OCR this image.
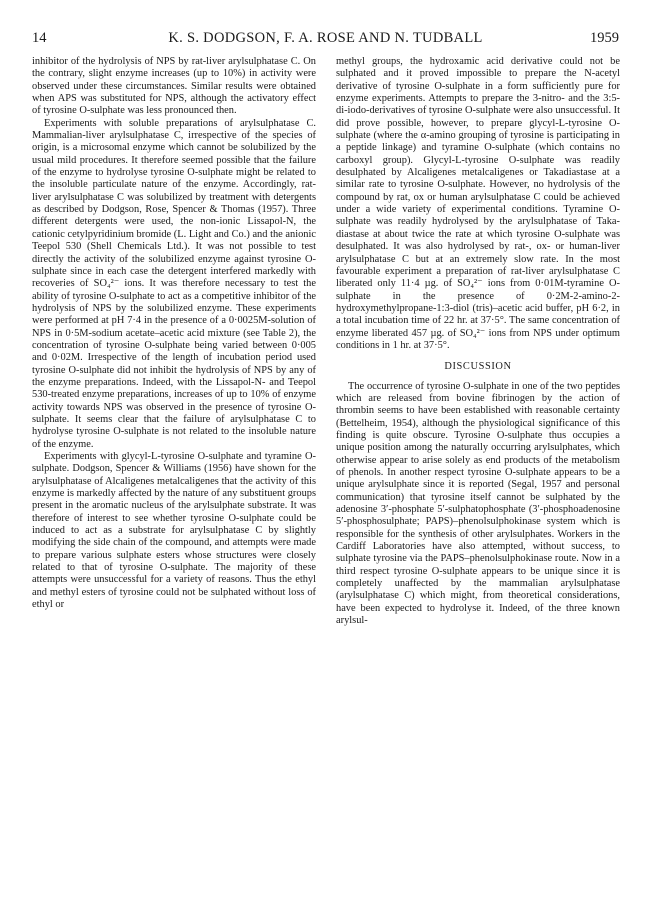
14	K. S. DODGSON, F. A. ROSE AND N. TUDBALL	1959

inhibitor of the hydrolysis of NPS by rat-liver arylsulphatase C. On the contrary, slight enzyme increases (up to 10%) in activity were observed under these circumstances. Similar results were obtained when APS was substituted for NPS, although the activatory effect of tyrosine O-sulphate was less pronounced then.

Experiments with soluble preparations of arylsulphatase C. Mammalian-liver arylsulphatase C, irrespective of the species of origin, is a microsomal enzyme which cannot be solubilized by the usual mild procedures. It therefore seemed possible that the failure of the enzyme to hydrolyse tyrosine O-sulphate might be related to the insoluble particulate nature of the enzyme. Accordingly, rat-liver arylsulphatase C was solubilized by treatment with detergents as described by Dodgson, Rose, Spencer & Thomas (1957). Three different detergents were used, the non-ionic Lissapol-N, the cationic cetylpyridinium bromide (L. Light and Co.) and the anionic Teepol 530 (Shell Chemicals Ltd.). It was not possible to test directly the activity of the solubilized enzyme against tyrosine O-sulphate since in each case the detergent interfered markedly with recoveries of SO₄²⁻ ions. It was therefore necessary to test the ability of tyrosine O-sulphate to act as a competitive inhibitor of the hydrolysis of NPS by the solubilized enzyme. These experiments were performed at pH 7·4 in the presence of a 0·0025M-solution of NPS in 0·5M-sodium acetate–acetic acid mixture (see Table 2), the concentration of tyrosine O-sulphate being varied between 0·005 and 0·02M. Irrespective of the length of incubation period used tyrosine O-sulphate did not inhibit the hydrolysis of NPS by any of the enzyme preparations. Indeed, with the Lissapol-N- and Teepol 530-treated enzyme preparations, increases of up to 10% of enzyme activity towards NPS was observed in the presence of tyrosine O-sulphate. It seems clear that the failure of arylsulphatase C to hydrolyse tyrosine O-sulphate is not related to the insoluble nature of the enzyme.

Experiments with glycyl-L-tyrosine O-sulphate and tyramine O-sulphate. Dodgson, Spencer & Williams (1956) have shown for the arylsulphatase of Alcaligenes metalcaligenes that the activity of this enzyme is markedly affected by the nature of any substituent groups present in the aromatic nucleus of the arylsulphate substrate. It was therefore of interest to see whether tyrosine O-sulphate could be induced to act as a substrate for arylsulphatase C by slightly modifying the side chain of the compound, and attempts were made to prepare various sulphate esters whose structures were closely related to that of tyrosine O-sulphate. The majority of these attempts were unsuccessful for a variety of reasons. Thus the ethyl and methyl esters of tyrosine could not be sulphated without loss of ethyl or

methyl groups, the hydroxamic acid derivative could not be sulphated and it proved impossible to prepare the N-acetyl derivative of tyrosine O-sulphate in a form sufficiently pure for enzyme experiments. Attempts to prepare the 3-nitro- and the 3:5-di-iodo-derivatives of tyrosine O-sulphate were also unsuccessful. It did prove possible, however, to prepare glycyl-L-tyrosine O-sulphate (where the α-amino grouping of tyrosine is participating in a peptide linkage) and tyramine O-sulphate (which contains no carboxyl group). Glycyl-L-tyrosine O-sulphate was readily desulphated by Alcaligenes metalcaligenes or Takadiastase at a similar rate to tyrosine O-sulphate. However, no hydrolysis of the compound by rat, ox or human arylsulphatase C could be achieved under a wide variety of experimental conditions. Tyramine O-sulphate was readily hydrolysed by the arylsulphatase of Taka-diastase at about twice the rate at which tyrosine O-sulphate was desulphated. It was also hydrolysed by rat-, ox- or human-liver arylsulphatase C but at an extremely slow rate. In the most favourable experiment a preparation of rat-liver arylsulphatase C liberated only 11·4 µg. of SO₄²⁻ ions from 0·01M-tyramine O-sulphate in the presence of 0·2M-2-amino-2-hydroxymethylpropane-1:3-diol (tris)–acetic acid buffer, pH 6·2, in a total incubation time of 22 hr. at 37·5°. The same concentration of enzyme liberated 457 µg. of SO₄²⁻ ions from NPS under optimum conditions in 1 hr. at 37·5°.

DISCUSSION

The occurrence of tyrosine O-sulphate in one of the two peptides which are released from bovine fibrinogen by the action of thrombin seems to have been established with reasonable certainty (Bettelheim, 1954), although the physiological significance of this finding is quite obscure. Tyrosine O-sulphate thus occupies a unique position among the naturally occurring arylsulphates, which otherwise appear to arise solely as end products of the metabolism of phenols. In another respect tyrosine O-sulphate appears to be a unique arylsulphate since it is reported (Segal, 1957 and personal communication) that tyrosine itself cannot be sulphated by the adenosine 3′-phosphate 5′-sulphatophosphate (3′-phosphoadenosine 5′-phosphosulphate; PAPS)–phenolsulphokinase system which is responsible for the synthesis of other arylsulphates. Workers in the Cardiff Laboratories have also attempted, without success, to sulphate tyrosine via the PAPS–phenolsulphokinase route. Now in a third respect tyrosine O-sulphate appears to be unique since it is completely unaffected by the mammalian arylsulphatase (arylsulphatase C) which might, from theoretical considerations, have been expected to hydrolyse it. Indeed, of the three known arylsul-
